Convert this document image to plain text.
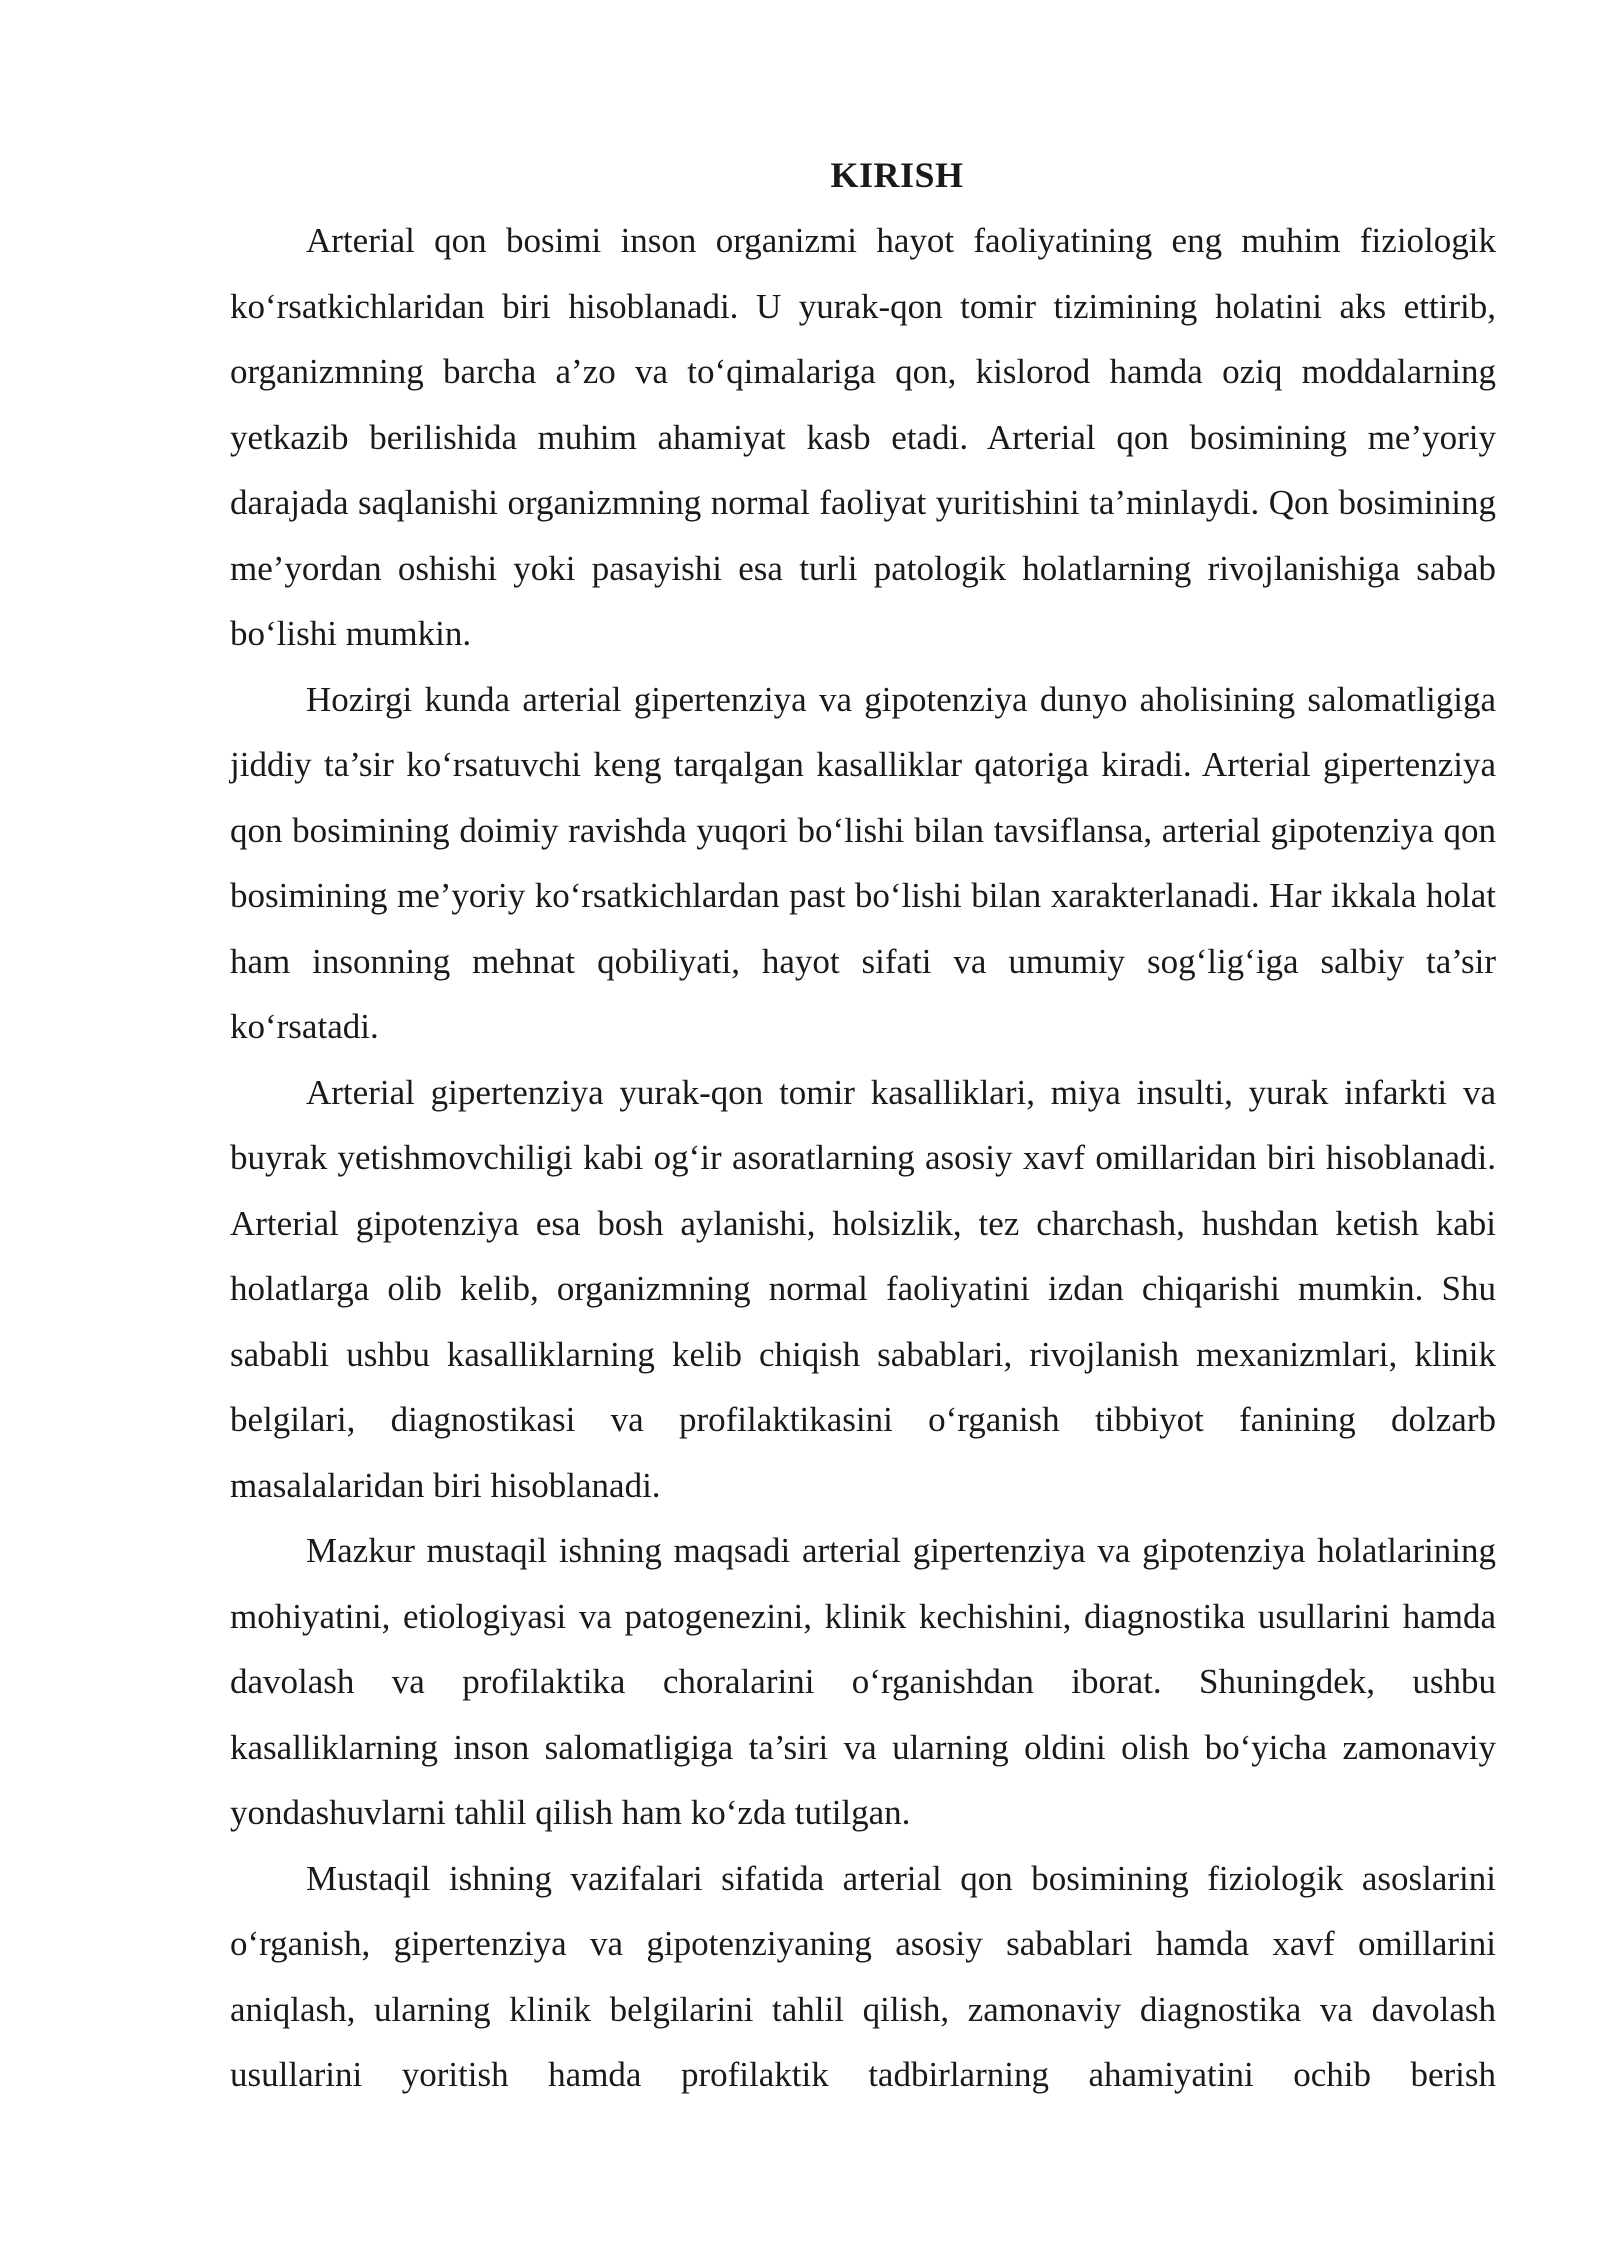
KIRISH

Arterial qon bosimi inson organizmi hayot faoliyatining eng muhim fiziologik ko‘rsatkichlaridan biri hisoblanadi. U yurak-qon tomir tizimining holatini aks ettirib, organizmning barcha a’zo va to‘qimalariga qon, kislorod hamda oziq moddalarning yetkazib berilishida muhim ahamiyat kasb etadi. Arterial qon bosimining me’yoriy darajada saqlanishi organizmning normal faoliyat yuritishini ta’minlaydi. Qon bosimining me’yordan oshishi yoki pasayishi esa turli patologik holatlarning rivojlanishiga sabab bo‘lishi mumkin.

Hozirgi kunda arterial gipertenziya va gipotenziya dunyo aholisining salomatligiga jiddiy ta’sir ko‘rsatuvchi keng tarqalgan kasalliklar qatoriga kiradi. Arterial gipertenziya qon bosimining doimiy ravishda yuqori bo‘lishi bilan tavsiflansa, arterial gipotenziya qon bosimining me’yoriy ko‘rsatkichlardan past bo‘lishi bilan xarakterlanadi. Har ikkala holat ham insonning mehnat qobiliyati, hayot sifati va umumiy sog‘lig‘iga salbiy ta’sir ko‘rsatadi.

Arterial gipertenziya yurak-qon tomir kasalliklari, miya insulti, yurak infarkti va buyrak yetishmovchiligi kabi og‘ir asoratlarning asosiy xavf omillaridan biri hisoblanadi. Arterial gipotenziya esa bosh aylanishi, holsizlik, tez charchash, hushdan ketish kabi holatlarga olib kelib, organizmning normal faoliyatini izdan chiqarishi mumkin. Shu sababli ushbu kasalliklarning kelib chiqish sabablari, rivojlanish mexanizmlari, klinik belgilari, diagnostikasi va profilaktikasini o‘rganish tibbiyot fanining dolzarb masalalaridan biri hisoblanadi.

Mazkur mustaqil ishning maqsadi arterial gipertenziya va gipotenziya holatlarining mohiyatini, etiologiyasi va patogenezini, klinik kechishini, diagnostika usullarini hamda davolash va profilaktika choralarini o‘rganishdan iborat. Shuningdek, ushbu kasalliklarning inson salomatligiga ta’siri va ularning oldini olish bo‘yicha zamonaviy yondashuvlarni tahlil qilish ham ko‘zda tutilgan.

Mustaqil ishning vazifalari sifatida arterial qon bosimining fiziologik asoslarini o‘rganish, gipertenziya va gipotenziyaning asosiy sabablari hamda xavf omillarini aniqlash, ularning klinik belgilarini tahlil qilish, zamonaviy diagnostika va davolash usullarini yoritish hamda profilaktik tadbirlarning ahamiyatini ochib berish
